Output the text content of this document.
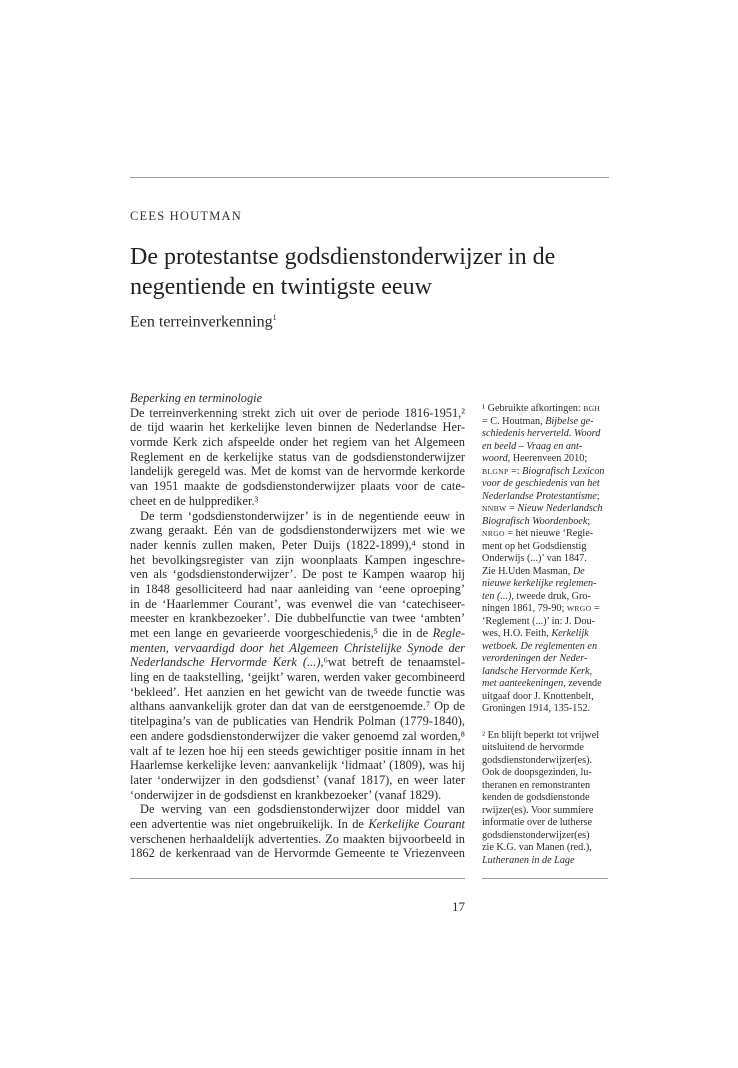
CEES HOUTMAN
De protestantse godsdienstonderwijzer in de negentiende en twintigste eeuw
Een terreinverkenning$^1$
Beperking en terminologie
De terreinverkenning strekt zich uit over de periode 1816-1951,²
de tijd waarin het kerkelijke leven binnen de Nederlandse Her-
vormde Kerk zich afspeelde onder het regiem van het Algemeen
Reglement en de kerkelijke status van de godsdienstonderwijzer
landelijk geregeld was. Met de komst van de hervormde kerkorde
van 1951 maakte de godsdienstonderwijzer plaats voor de cate-
cheet en de hulpprediker.³
De term ‘godsdienstonderwijzer’ is in de negentiende eeuw in
zwang geraakt. Eén van de godsdienstonderwijzers met wie we
nader kennis zullen maken, Peter Duijs (1822-1899),⁴ stond in
het bevolkingsregister van zijn woonplaats Kampen ingeschre-
ven als ‘godsdienstonderwijzer’. De post te Kampen waarop hij
in 1848 gesolliciteerd had naar aanleiding van ‘eene oproeping’
in de ‘Haarlemmer Courant’, was evenwel die van ‘catechiseer-
meester en krankbezoeker’. Die dubbelfunctie van twee ‘ambten’
met een lange en gevarieerde voorgeschiedenis,⁵ die in de Regle-
menten, vervaardigd door het Algemeen Christelijke Synode der
Nederlandsche Hervormde Kerk (...),⁶wat betreft de tenaamstel-
ling en de taakstelling, ‘geijkt’ waren, werden vaker gecombineerd
‘bekleed’. Het aanzien en het gewicht van de tweede functie was
althans aanvankelijk groter dan dat van de eerstgenoemde.⁷ Op de
titelpagina’s van de publicaties van Hendrik Polman (1779-1840),
een andere godsdienstonderwijzer die vaker genoemd zal worden,⁸
valt af te lezen hoe hij een steeds gewichtiger positie innam in het
Haarlemse kerkelijke leven: aanvankelijk ‘lidmaat’ (1809), was hij
later ‘onderwijzer in den godsdienst’ (vanaf 1817), en weer later
‘onderwijzer in de godsdienst en krankbezoeker’ (vanaf 1829).
De werving van een godsdienstonderwijzer door middel van
een advertentie was niet ongebruikelijk. In de Kerkelijke Courant
verschenen herhaaldelijk advertenties. Zo maakten bijvoorbeeld in
1862 de kerkenraad van de Hervormde Gemeente te Vriezenveen
¹ Gebruikte afkortingen: BGH
= C. Houtman, Bijbelse ge-
schiedenis herverteld. Woord
en beeld – Vraag en ant-
woord, Heerenveen 2010;
BLGNP =: Biografisch Lexicon
voor de geschiedenis van het
Nederlandse Protestantisme;
NNBW = Nieuw Nederlandsch
Biografisch Woordenboek;
NRGO = het nieuwe ‘Regle-
ment op het Godsdienstig
Onderwijs (...)’ van 1847.
Zie H.Uden Masman, De
nieuwe kerkelijke reglemen-
ten (...), tweede druk, Gro-
ningen 1861, 79-90; WRGO =
‘Reglement (...)’ in: J. Dou-
wes, H.O. Feith, Kerkelijk
wetboek. De reglementen en
verordeningen der Neder-
landsche Hervormde Kerk,
met aanteekeningen, zevende
uitgaaf door J. Knottenbelt,
Groningen 1914, 135-152.
² En blijft beperkt tot vrijwel
uitsluitend de hervormde
godsdienstonderwijzer(es).
Ook de doopsgezinden, lu-
theranen en remonstranten
kenden de godsdienstonde
rwijzer(es). Voor summiere
informatie over de lutherse
godsdienstonderwijzer(es)
zie K.G. van Manen (red.),
Lutheranen in de Lage
17
